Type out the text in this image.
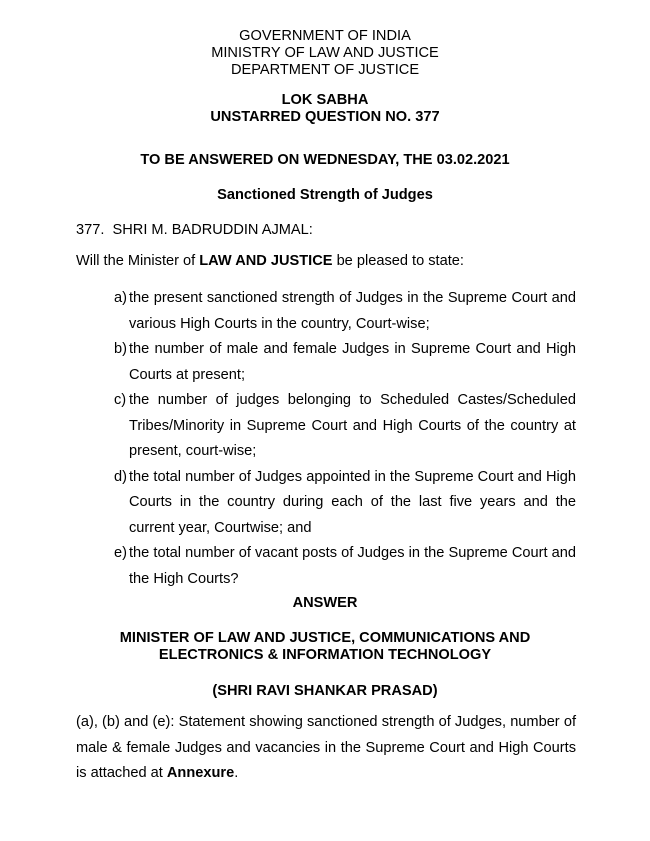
GOVERNMENT OF INDIA
MINISTRY OF LAW AND JUSTICE
DEPARTMENT OF JUSTICE
LOK SABHA
UNSTARRED QUESTION NO. 377
TO BE ANSWERED ON WEDNESDAY, THE 03.02.2021
Sanctioned Strength of Judges
377.  SHRI M. BADRUDDIN AJMAL:
Will the Minister of LAW AND JUSTICE be pleased to state:
a) the present sanctioned strength of Judges in the Supreme Court and various High Courts in the country, Court-wise;
b) the number of male and female Judges in Supreme Court and High Courts at present;
c) the number of judges belonging to Scheduled Castes/Scheduled Tribes/Minority in Supreme Court and High Courts of the country at present, court-wise;
d) the total number of Judges appointed in the Supreme Court and High Courts in the country during each of the last five years and the current year, Courtwise; and
e) the total number of vacant posts of Judges in the Supreme Court and the High Courts?
ANSWER
MINISTER OF LAW AND JUSTICE, COMMUNICATIONS AND
ELECTRONICS & INFORMATION TECHNOLOGY
(SHRI RAVI SHANKAR PRASAD)
(a), (b) and (e): Statement showing sanctioned strength of Judges, number of male & female Judges and vacancies in the Supreme Court and High Courts is attached at Annexure.
